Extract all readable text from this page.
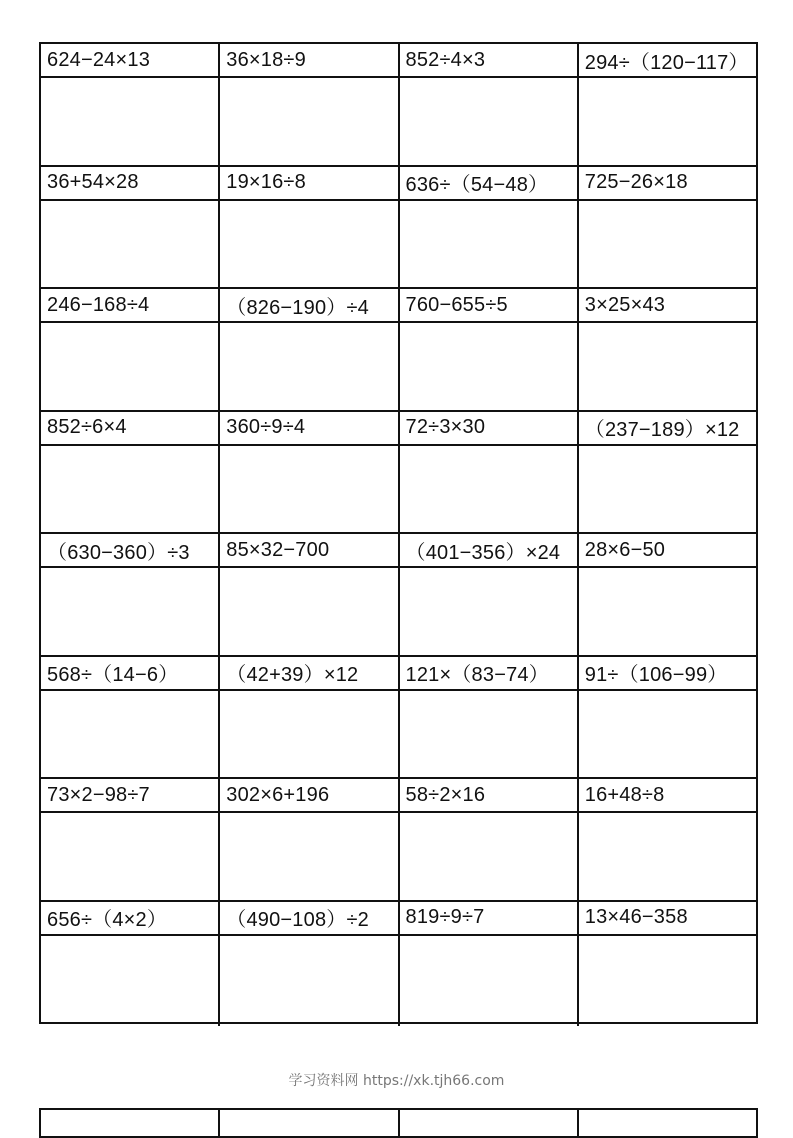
624−24×13	36×18÷9	852÷4×3	294÷（120−117）
36+54×28	19×16÷8	636÷（54−48）	725−26×18
246−168÷4	（826−190）÷4	760−655÷5	3×25×43
852÷6×4	360÷9÷4	72÷3×30	（237−189）×12
（630−360）÷3	85×32−700	（401−356）×24	28×6−50
568÷（14−6）	（42+39）×12	121×（83−74）	91÷（106−99）
73×2−98÷7	302×6+196	58÷2×16	16+48÷8
656÷（4×2）	（490−108）÷2	819÷9÷7	13×46−358
学习资料网 https://xk.tjh66.com
